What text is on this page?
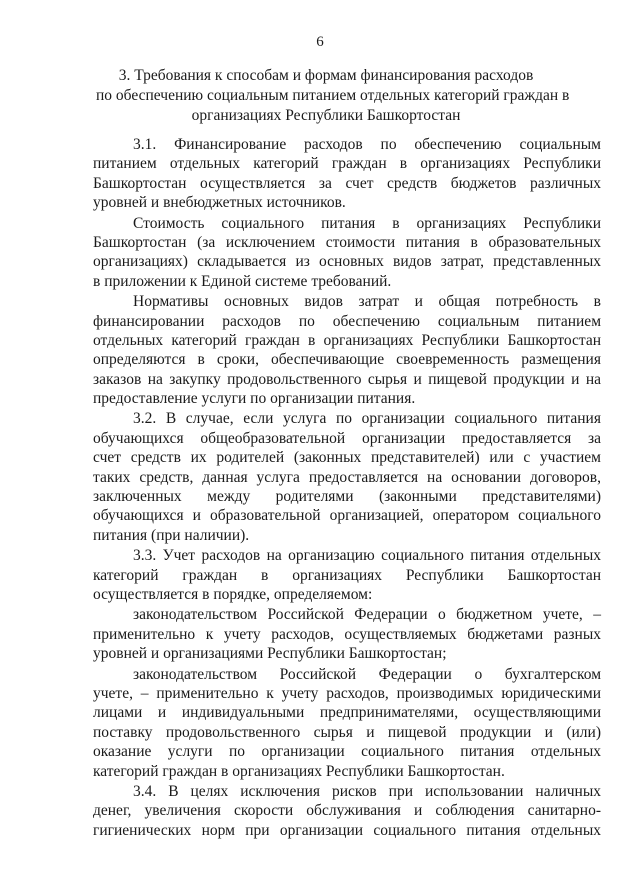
6
3. Требования к способам и формам финансирования расходов
по обеспечению социальным питанием отдельных категорий граждан в
организациях Республики Башкортостан
3.1. Финансирование расходов по обеспечению социальным
питанием отдельных категорий граждан в организациях Республики
Башкортостан осуществляется за счет средств бюджетов различных
уровней и внебюджетных источников.
Стоимость социального питания в организациях Республики
Башкортостан (за исключением стоимости питания в образовательных
организациях) складывается из основных видов затрат, представленных
в приложении к Единой системе требований.
Нормативы основных видов затрат и общая потребность в
финансировании расходов по обеспечению социальным питанием
отдельных категорий граждан в организациях Республики Башкортостан
определяются в сроки, обеспечивающие своевременность размещения
заказов на закупку продовольственного сырья и пищевой продукции и на
предоставление услуги по организации питания.
3.2. В случае, если услуга по организации социального питания
обучающихся общеобразовательной организации предоставляется за
счет средств их родителей (законных представителей) или с участием
таких средств, данная услуга предоставляется на основании договоров,
заключенных между родителями (законными представителями)
обучающихся и образовательной организацией, оператором социального
питания (при наличии).
3.3. Учет расходов на организацию социального питания отдельных
категорий граждан в организациях Республики Башкортостан
осуществляется в порядке, определяемом:
законодательством Российской Федерации о бюджетном учете, –
применительно к учету расходов, осуществляемых бюджетами разных
уровней и организациями Республики Башкортостан;
законодательством Российской Федерации о бухгалтерском
учете, – применительно к учету расходов, производимых юридическими
лицами и индивидуальными предпринимателями, осуществляющими
поставку продовольственного сырья и пищевой продукции и (или)
оказание услуги по организации социального питания отдельных
категорий граждан в организациях Республики Башкортостан.
3.4. В целях исключения рисков при использовании наличных
денег, увеличения скорости обслуживания и соблюдения санитарно-
гигиенических норм при организации социального питания отдельных
